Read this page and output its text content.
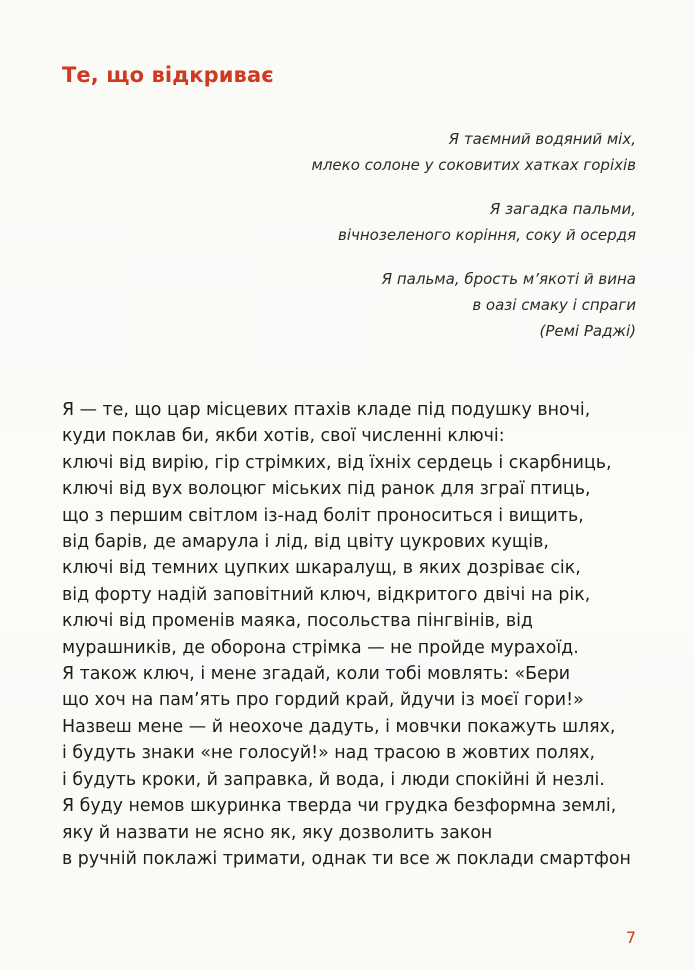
Те, що відкриває
Я таємний водяний міх,
млеко солоне у соковитих хатках горіхів
Я загадка пальми,
вічнозеленого коріння, соку й осердя
Я пальма, брость м’якоті й вина
в оазі смаку і спраги
(Ремі Раджі)
Я — те, що цар місцевих птахів кладе під подушку вночі,
куди поклав би, якби хотів, свої численні ключі:
ключі від вирію, гір стрімких, від їхніх сердець і скарбниць,
ключі від вух волоцюг міських під ранок для зграї птиць,
що з першим світлом із-над боліт проноситься і вищить,
від барів, де амарула і лід, від цвіту цукрових кущів,
ключі від темних цупких шкаралущ, в яких дозріває сік,
від форту надій заповітний ключ, відкритого двічі на рік,
ключі від променів маяка, посольства пінгвінів, від
мурашників, де оборона стрімка — не пройде мурахоїд.
Я також ключ, і мене згадай, коли тобі мовлять: «Бери
що хоч на пам’ять про гордий край, йдучи із моєї гори!»
Назвеш мене — й неохоче дадуть, і мовчки покажуть шлях,
і будуть знаки «не голосуй!» над трасою в жовтих полях,
і будуть кроки, й заправка, й вода, і люди спокійні й незлі.
Я буду немов шкуринка тверда чи грудка безформна землі,
яку й назвати не ясно як, яку дозволить закон
в ручній поклажі тримати, однак ти все ж поклади смартфон
7
